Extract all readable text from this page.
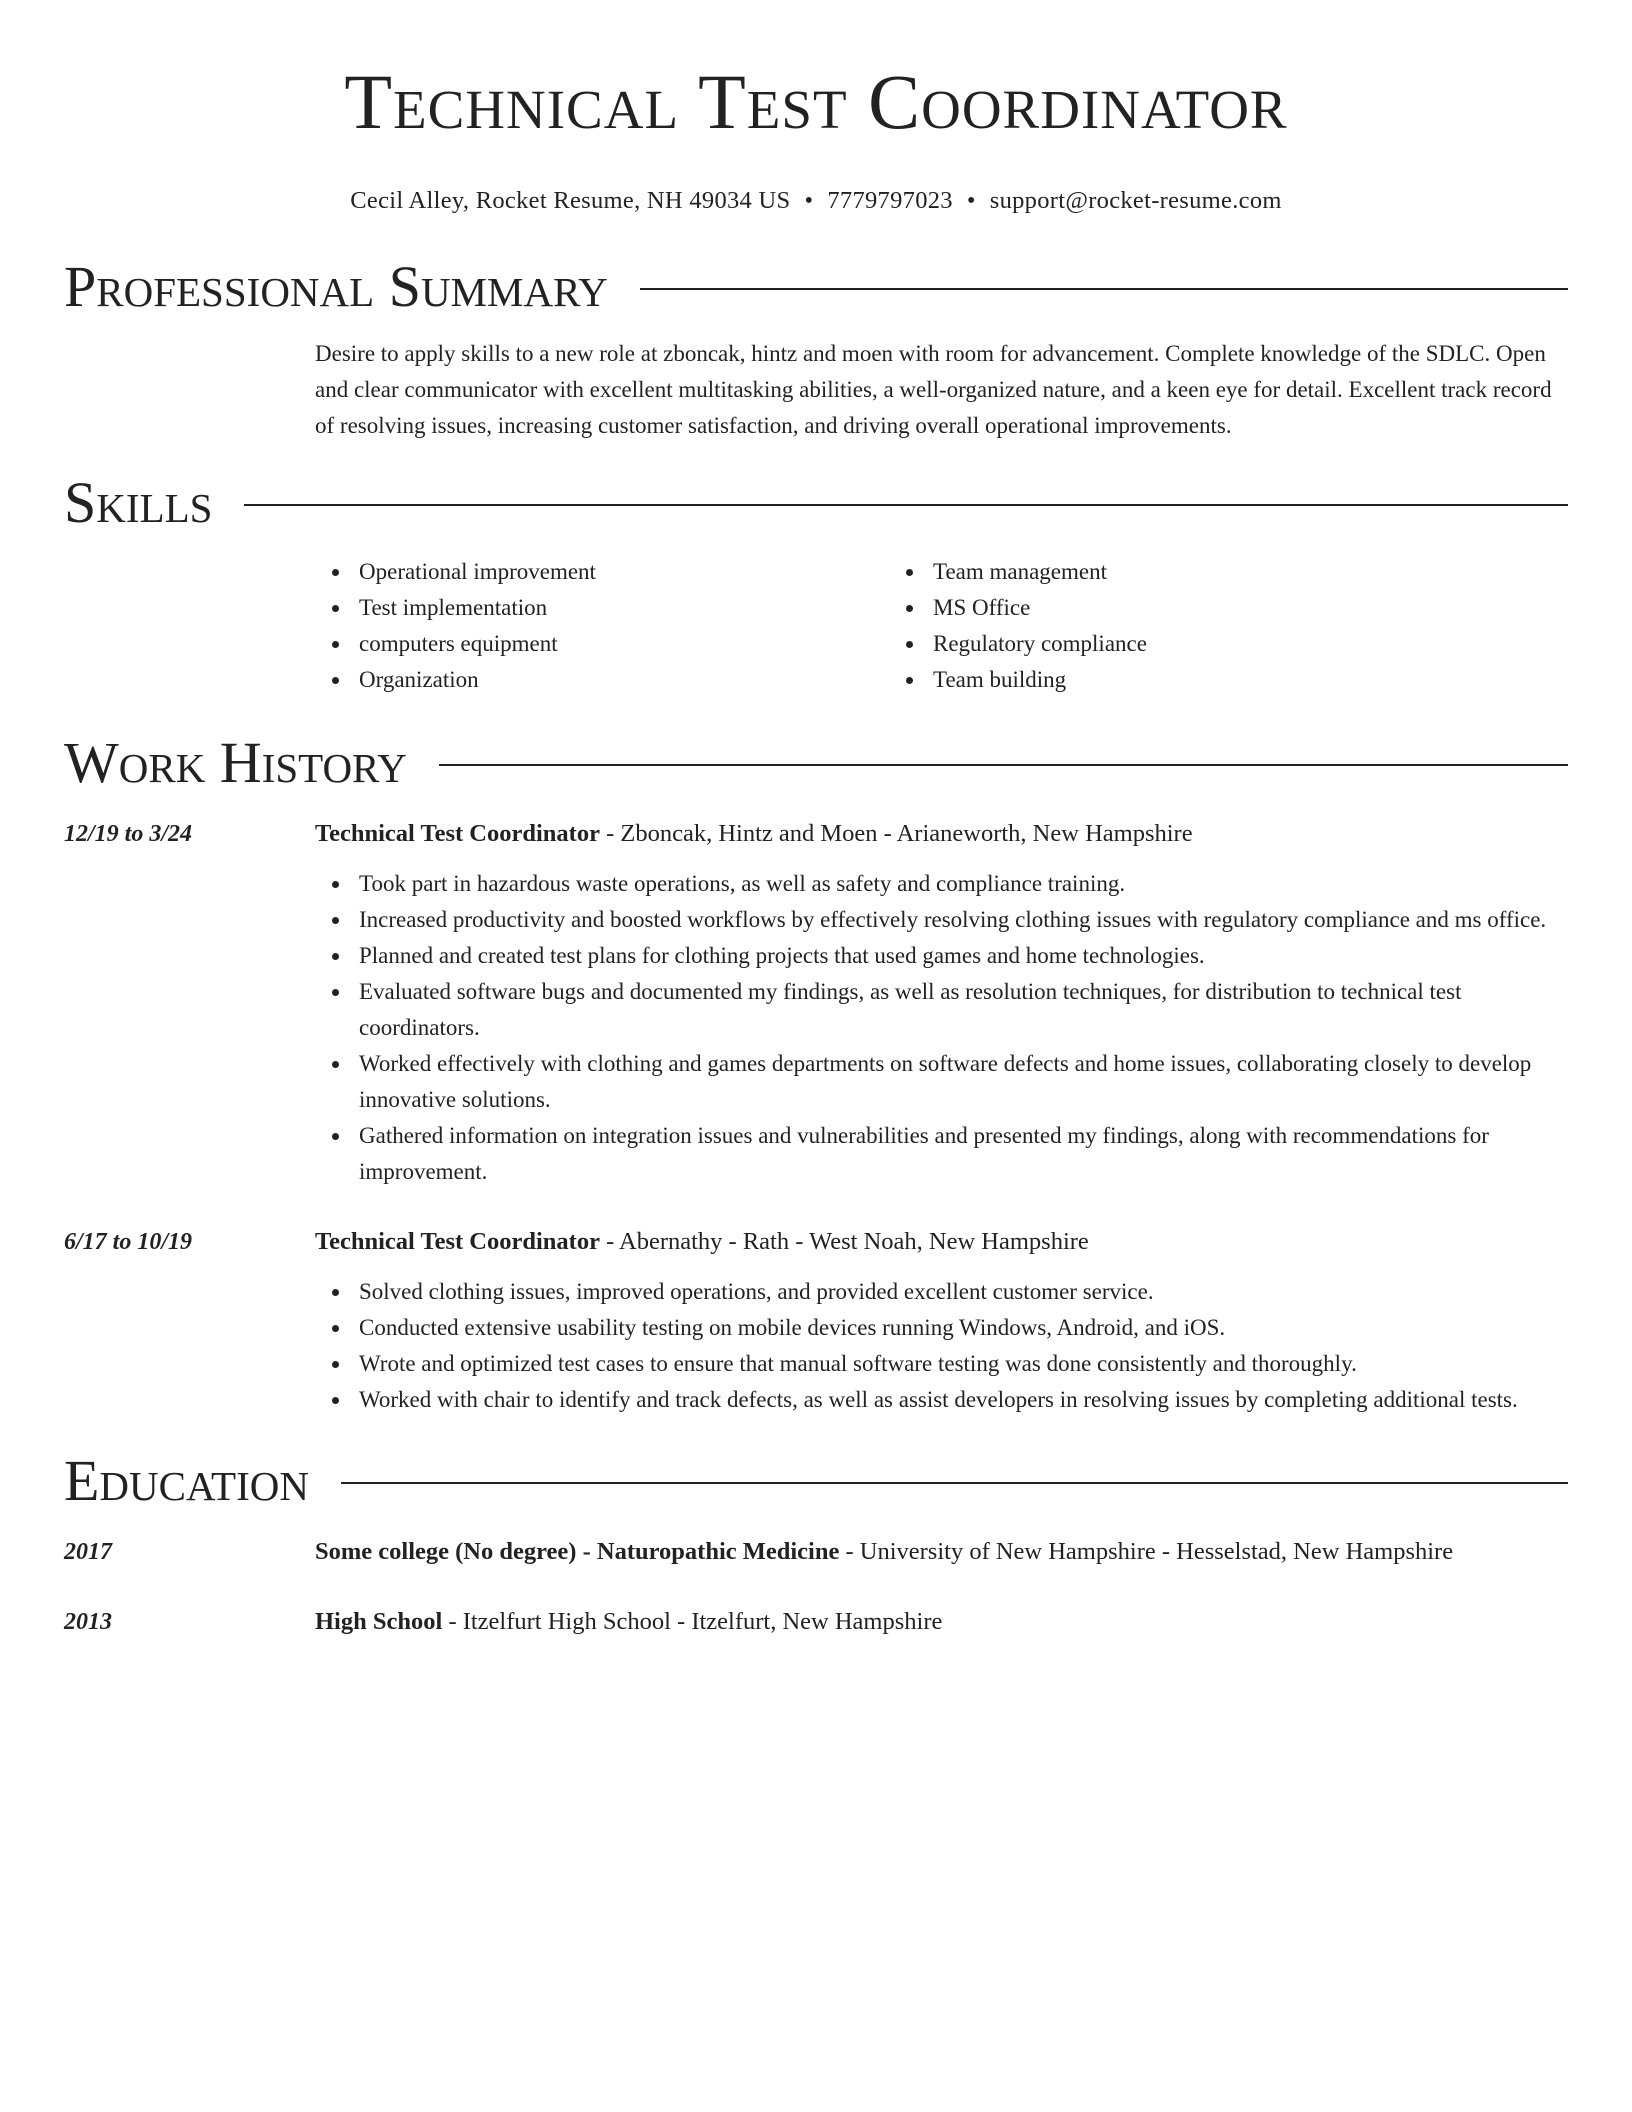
Technical Test Coordinator
Cecil Alley, Rocket Resume, NH 49034 US • 7779797023 • support@rocket-resume.com
Professional Summary
Desire to apply skills to a new role at zboncak, hintz and moen with room for advancement. Complete knowledge of the SDLC. Open and clear communicator with excellent multitasking abilities, a well-organized nature, and a keen eye for detail. Excellent track record of resolving issues, increasing customer satisfaction, and driving overall operational improvements.
Skills
Operational improvement
Test implementation
computers equipment
Organization
Team management
MS Office
Regulatory compliance
Team building
Work History
12/19 to 3/24	Technical Test Coordinator - Zboncak, Hintz and Moen - Arianeworth, New Hampshire
Took part in hazardous waste operations, as well as safety and compliance training.
Increased productivity and boosted workflows by effectively resolving clothing issues with regulatory compliance and ms office.
Planned and created test plans for clothing projects that used games and home technologies.
Evaluated software bugs and documented my findings, as well as resolution techniques, for distribution to technical test coordinators.
Worked effectively with clothing and games departments on software defects and home issues, collaborating closely to develop innovative solutions.
Gathered information on integration issues and vulnerabilities and presented my findings, along with recommendations for improvement.
6/17 to 10/19	Technical Test Coordinator - Abernathy - Rath - West Noah, New Hampshire
Solved clothing issues, improved operations, and provided excellent customer service.
Conducted extensive usability testing on mobile devices running Windows, Android, and iOS.
Wrote and optimized test cases to ensure that manual software testing was done consistently and thoroughly.
Worked with chair to identify and track defects, as well as assist developers in resolving issues by completing additional tests.
Education
2017	Some college (No degree) - Naturopathic Medicine - University of New Hampshire - Hesselstad, New Hampshire
2013	High School - Itzelfurt High School - Itzelfurt, New Hampshire
